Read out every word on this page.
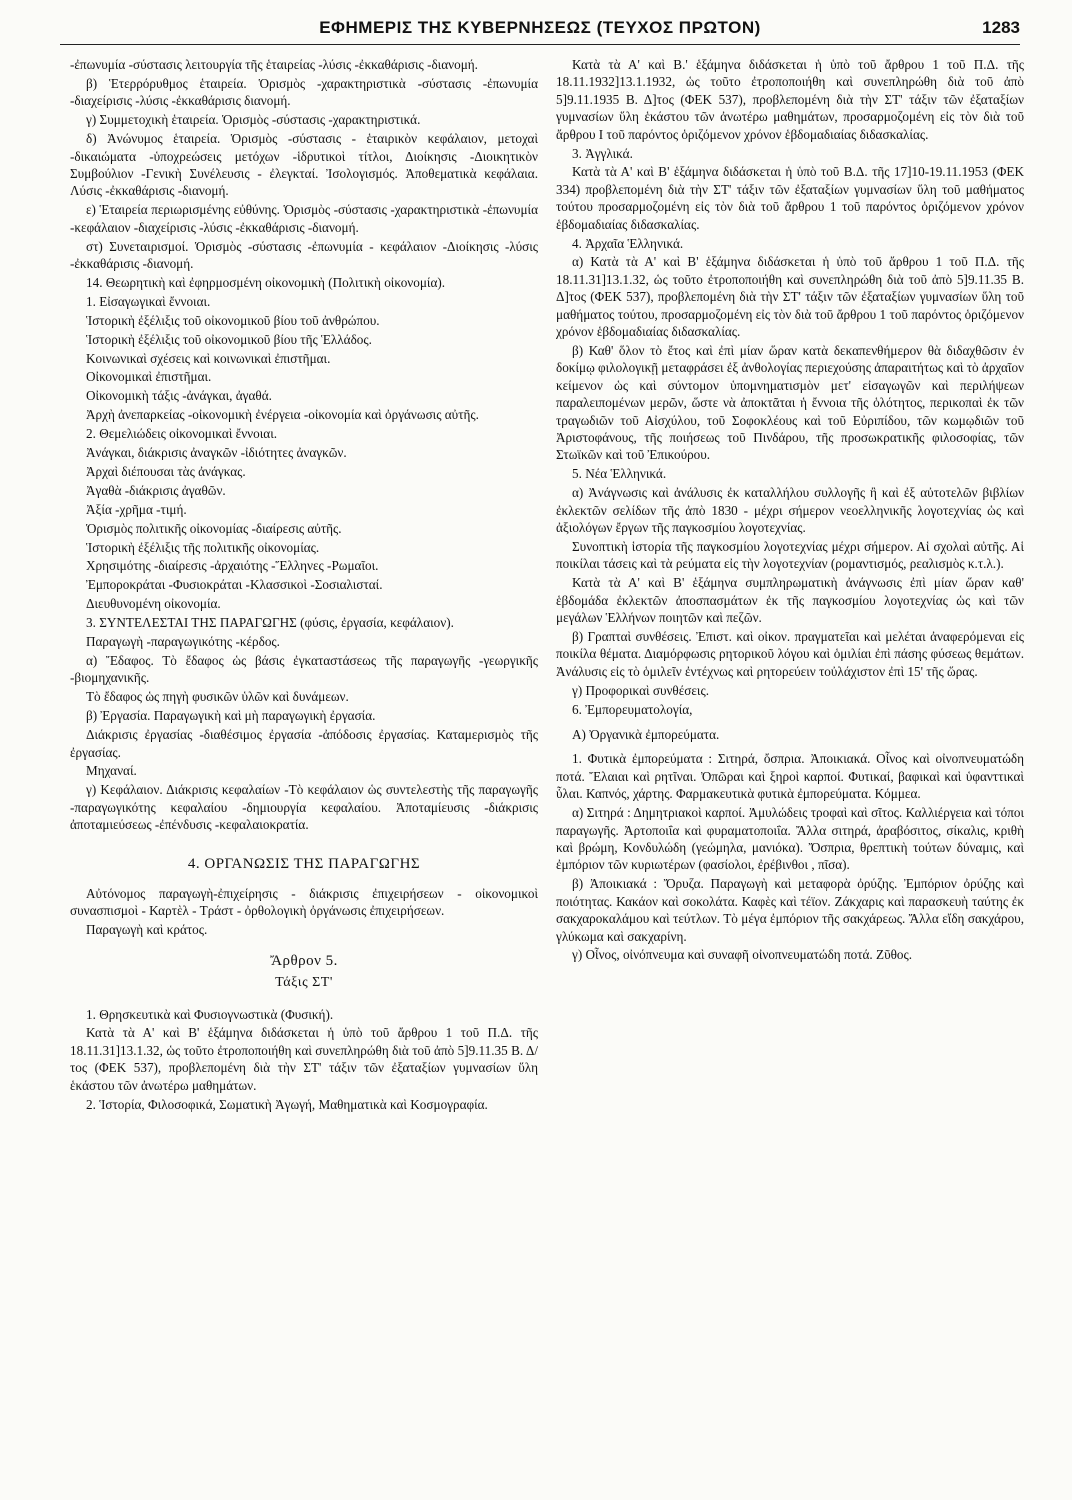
ΕΦΗΜΕΡΙΣ ΤΗΣ ΚΥΒΕΡΝΗΣΕΩΣ (ΤΕΥΧΟΣ ΠΡΩΤΟΝ)	1283

-ἐπωνυμία -σύστασις λειτουργία τῆς ἑταιρείας -λύσις -ἐκκαθάρισις -διανομή.

β) Ἑτερρόρυθμος ἑταιρεία. Ὁρισμὸς -χαρακτηριστικὰ -σύστασις -ἐπωνυμία -διαχείρισις -λύσις -ἐκκαθάρισις διανομή.

γ) Συμμετοχικὴ ἑταιρεία. Ὁρισμὸς -σύστασις -χαρακτηριστικά.

δ) Ἀνώνυμος ἑταιρεία. Ὁρισμὸς -σύστασις - ἑταιρικὸν κεφάλαιον, μετοχαὶ -δικαιώματα -ὑποχρεώσεις μετόχων -ἱδρυτικοὶ τίτλοι, Διοίκησις -Διοικητικὸν Συμβούλιον -Γενικὴ Συνέλευσις - ἐλεγκταί. Ἰσολογισμός. Ἀποθεματικὰ κεφάλαια. Λύσις -ἐκκαθάρισις -διανομή.

ε) Ἑταιρεία περιωρισμένης εὐθύνης. Ὁρισμὸς -σύστασις -χαρακτηριστικὰ -ἐπωνυμία -κεφάλαιον -διαχείρισις -λύσις -ἐκκαθάρισις -διανομή.

στ) Συνεταιρισμοί. Ὁρισμὸς -σύστασις -ἐπωνυμία - κεφάλαιον -Διοίκησις -λύσις -ἐκκαθάρισις -διανομή.

14. Θεωρητικὴ καὶ ἐφηρμοσμένη οἰκονομικὴ (Πολιτικὴ οἰκονομία).

1. Εἰσαγωγικαὶ ἔννοιαι.

Ἱστορικὴ ἐξέλιξις τοῦ οἰκονομικοῦ βίου τοῦ ἀνθρώπου.

Ἱστορικὴ ἐξέλιξις τοῦ οἰκονομικοῦ βίου τῆς Ἑλλάδος.

Κοινωνικαὶ σχέσεις καὶ κοινωνικαὶ ἐπιστῆμαι.

Οἰκονομικαὶ ἐπιστῆμαι.

Οἰκονομικὴ τάξις -ἀνάγκαι, ἀγαθά.

Ἀρχὴ ἀνεπαρκείας -οἰκονομικὴ ἐνέργεια -οἰκονομία καὶ ὀργάνωσις αὐτῆς.

2. Θεμελιώδεις οἰκονομικαὶ ἔννοιαι.

Ἀνάγκαι, διάκρισις ἀναγκῶν -ἰδιότητες ἀναγκῶν.

Ἀρχαὶ διέπουσαι τὰς ἀνάγκας.

Ἀγαθὰ -διάκρισις ἀγαθῶν.

Ἀξία -χρῆμα -τιμή.

Ὁρισμὸς πολιτικῆς οἰκονομίας -διαίρεσις αὐτῆς.

Ἱστορικὴ ἐξέλιξις τῆς πολιτικῆς οἰκονομίας.

Χρησιμότης -διαίρεσις -ἀρχαιότης -Ἕλληνες -Ρωμαῖοι.

Ἐμποροκράται -Φυσιοκράται -Κλασσικοὶ -Σοσιαλισταί.

Διευθυνομένη οἰκονομία.

3. ΣΥΝΤΕΛΕΣΤΑΙ ΤΗΣ ΠΑΡΑΓΩΓΗΣ (φύσις, ἐργασία, κεφάλαιον).

Παραγωγὴ -παραγωγικότης -κέρδος.

α) Ἔδαφος. Τὸ ἔδαφος ὡς βάσις ἐγκαταστάσεως τῆς παραγωγῆς -γεωργικῆς -βιομηχανικῆς.

Τὸ ἔδαφος ὡς πηγὴ φυσικῶν ὑλῶν καὶ δυνάμεων.

β) Ἐργασία. Παραγωγικὴ καὶ μὴ παραγωγικὴ ἐργασία.

Διάκρισις ἐργασίας -διαθέσιμος ἐργασία -ἀπόδοσις ἐργασίας. Καταμερισμὸς τῆς ἐργασίας.

Μηχαναί.

γ) Κεφάλαιον. Διάκρισις κεφαλαίων -Τὸ κεφάλαιον ὡς συντελεστὴς τῆς παραγωγῆς -παραγωγικότης κεφαλαίου -δημιουργία κεφαλαίου. Ἀποταμίευσις -διάκρισις ἀποταμιεύσεως -ἐπένδυσις -κεφαλαιοκρατία.

4. ΟΡΓΑΝΩΣΙΣ ΤΗΣ ΠΑΡΑΓΩΓΗΣ

Αὐτόνομος παραγωγὴ-ἐπιχείρησις - διάκρισις ἐπιχειρήσεων - οἰκονομικοὶ συνασπισμοὶ - Καρτὲλ - Τράστ - ὀρθολογικὴ ὀργάνωσις ἐπιχειρήσεων.

Παραγωγὴ καὶ κράτος.

Ἄρθρον 5.

Τάξις ΣΤ'

1. Θρησκευτικὰ καὶ Φυσιογνωστικὰ (Φυσική).

Κατὰ τὰ Α' καὶ Β' ἑξάμηνα διδάσκεται ἡ ὑπὸ τοῦ ἄρθρου 1 τοῦ Π.Δ. τῆς 18.11.31]13.1.32, ὡς τοῦτο ἐτροποποιήθη καὶ συνεπληρώθη διὰ τοῦ ἀπὸ 5]9.11.35 Β. Δ/τος (ΦΕΚ 537), προβλεπομένη διὰ τὴν ΣΤ' τάξιν τῶν ἐξαταξίων γυμνασίων ὕλη ἑκάστου τῶν ἀνωτέρω μαθημάτων.

2. Ἱστορία, Φιλοσοφικά, Σωματικὴ Ἀγωγή, Μαθηματικὰ καὶ Κοσμογραφία.

Κατὰ τὰ Α' καὶ Β.' ἑξάμηνα διδάσκεται ἡ ὑπὸ τοῦ ἄρθρου 1 τοῦ Π.Δ. τῆς 18.11.1932]13.1.1932, ὡς τοῦτο ἐτροποποιήθη καὶ συνεπληρώθη διὰ τοῦ ἀπὸ 5]9.11.1935 Β. Δ]τος (ΦΕΚ 537), προβλεπομένη διὰ τὴν ΣΤ' τάξιν τῶν ἐξαταξίων γυμνασίων ὕλη ἑκάστου τῶν ἀνωτέρω μαθημάτων, προσαρμοζομένη εἰς τὸν διὰ τοῦ ἄρθρου Ι τοῦ παρόντος ὁριζόμενον χρόνον ἑβδομαδιαίας διδασκαλίας.

3. Ἀγγλικά.

Κατὰ τὰ Α' καὶ Β' ἑξάμηνα διδάσκεται ἡ ὑπὸ τοῦ Β.Δ. τῆς 17]10-19.11.1953 (ΦΕΚ 334) προβλεπομένη διὰ τὴν ΣΤ' τάξιν τῶν ἐξαταξίων γυμνασίων ὕλη τοῦ μαθήματος τούτου προσαρμοζομένη εἰς τὸν διὰ τοῦ ἄρθρου 1 τοῦ παρόντος ὁριζόμενον χρόνον ἑβδομαδιαίας διδασκαλίας.

4. Ἀρχαῖα Ἑλληνικά.

α) Κατὰ τὰ Α' καὶ Β' ἑξάμηνα διδάσκεται ἡ ὑπὸ τοῦ ἄρθρου 1 τοῦ Π.Δ. τῆς 18.11.31]13.1.32, ὡς τοῦτο ἐτροποποιήθη καὶ συνεπληρώθη διὰ τοῦ ἀπὸ 5]9.11.35 Β. Δ]τος (ΦΕΚ 537), προβλεπομένη διὰ τὴν ΣΤ' τάξιν τῶν ἐξαταξίων γυμνασίων ὕλη τοῦ μαθήματος τούτου, προσαρμοζομένη εἰς τὸν διὰ τοῦ ἄρθρου 1 τοῦ παρόντος ὁριζόμενον χρόνον ἑβδομαδιαίας διδασκαλίας.

β) Καθ' ὅλον τὸ ἔτος καὶ ἐπὶ μίαν ὥραν κατὰ δεκαπενθήμερον θὰ διδαχθῶσιν ἐν δοκίμῳ φιλολογικῇ μεταφράσει ἐξ ἀνθολογίας περιεχούσης ἀπαραιτήτως καὶ τὸ ἀρχαῖον κείμενον ὡς καὶ σύντομον ὑπομνηματισμὸν μετ' εἰσαγωγῶν καὶ περιλήψεων παραλειπομένων μερῶν, ὥστε νὰ ἀποκτᾶται ἡ ἔννοια τῆς ὁλότητος, περικοπαὶ ἐκ τῶν τραγωδιῶν τοῦ Αἰσχύλου, τοῦ Σοφοκλέους καὶ τοῦ Εὐριπίδου, τῶν κωμῳδιῶν τοῦ Ἀριστοφάνους, τῆς ποιήσεως τοῦ Πινδάρου, τῆς προσωκρατικῆς φιλοσοφίας, τῶν Στωϊκῶν καὶ τοῦ Ἐπικούρου.

5. Νέα Ἑλληνικά.

α) Ἀνάγνωσις καὶ ἀνάλυσις ἐκ καταλλήλου συλλογῆς ἢ καὶ ἐξ αὐτοτελῶν βιβλίων ἐκλεκτῶν σελίδων τῆς ἀπὸ 1830 - μέχρι σήμερον νεοελληνικῆς λογοτεχνίας ὡς καὶ ἀξιολόγων ἔργων τῆς παγκοσμίου λογοτεχνίας.

Συνοπτικὴ ἱστορία τῆς παγκοσμίου λογοτεχνίας μέχρι σήμερον. Αἱ σχολαὶ αὐτῆς. Αἱ ποικίλαι τάσεις καὶ τὰ ρεύματα εἰς τὴν λογοτεχνίαν (ρομαντισμός, ρεαλισμὸς κ.τ.λ.).

Κατὰ τὰ Α' καὶ Β' ἑξάμηνα συμπληρωματικὴ ἀνάγνωσις ἐπὶ μίαν ὥραν καθ' ἑβδομάδα ἐκλεκτῶν ἀποσπασμάτων ἐκ τῆς παγκοσμίου λογοτεχνίας ὡς καὶ τῶν μεγάλων Ἑλλήνων ποιητῶν καὶ πεζῶν.

β) Γραπταὶ συνθέσεις. Ἐπιστ. καὶ οἰκον. πραγματεῖαι καὶ μελέται ἀναφερόμεναι εἰς ποικίλα θέματα. Διαμόρφωσις ρητορικοῦ λόγου καὶ ὁμιλίαι ἐπὶ πάσης φύσεως θεμάτων. Ἀνάλυσις εἰς τὸ ὁμιλεῖν ἐντέχνως καὶ ρητορεύειν τοὐλάχιστον ἐπὶ 15' τῆς ὥρας.

γ) Προφορικαὶ συνθέσεις.

6. Ἐμπορευματολογία,

Α) Ὀργανικὰ ἐμπορεύματα.

1. Φυτικὰ ἐμπορεύματα : Σιτηρά, ὄσπρια. Ἀποικιακά. Οἶνος καὶ οἰνοπνευματώδη ποτά. Ἔλαιαι καὶ ρητῖναι. Ὀπῶραι καὶ ξηροὶ καρποί. Φυτικαί, βαφικαὶ καὶ ὑφανττικαὶ ὗλαι. Καπνός, χάρτης. Φαρμακευτικὰ φυτικὰ ἐμπορεύματα. Κόμμεα.

α) Σιτηρά : Δημητριακοὶ καρποί. Ἀμυλώδεις τροφαὶ καὶ σῖτος. Καλλιέργεια καὶ τόποι παραγωγῆς. Ἀρτοποιΐα καὶ φυραματοποιΐα. Ἄλλα σιτηρά, ἀραβόσιτος, σίκαλις, κριθὴ καὶ βρώμη, Κονδυλώδη (γεώμηλα, μανιόκα). Ὄσπρια, θρεπτικὴ τούτων δύναμις, καὶ ἐμπόριον τῶν κυριωτέρων (φασίολοι, ἐρέβινθοι , πῖσα).

β) Ἀποικιακά : Ὄρυζα. Παραγωγὴ καὶ μεταφορὰ ὀρύζης. Ἐμπόριον ὀρύζης καὶ ποιότητας. Κακάον καὶ σοκολάτα. Καφὲς καὶ τέϊον. Ζάκχαρις καὶ παρασκευὴ ταύτης ἐκ σακχαροκαλάμου καὶ τεύτλων. Τὸ μέγα ἐμπόριον τῆς σακχάρεως. Ἄλλα εἴδη σακχάρου, γλύκωμα καὶ σακχαρίνη.

γ) Οἶνος, οἰνόπνευμα καὶ συναφῆ οἰνοπνευματώδη ποτά. Ζῦθος.
